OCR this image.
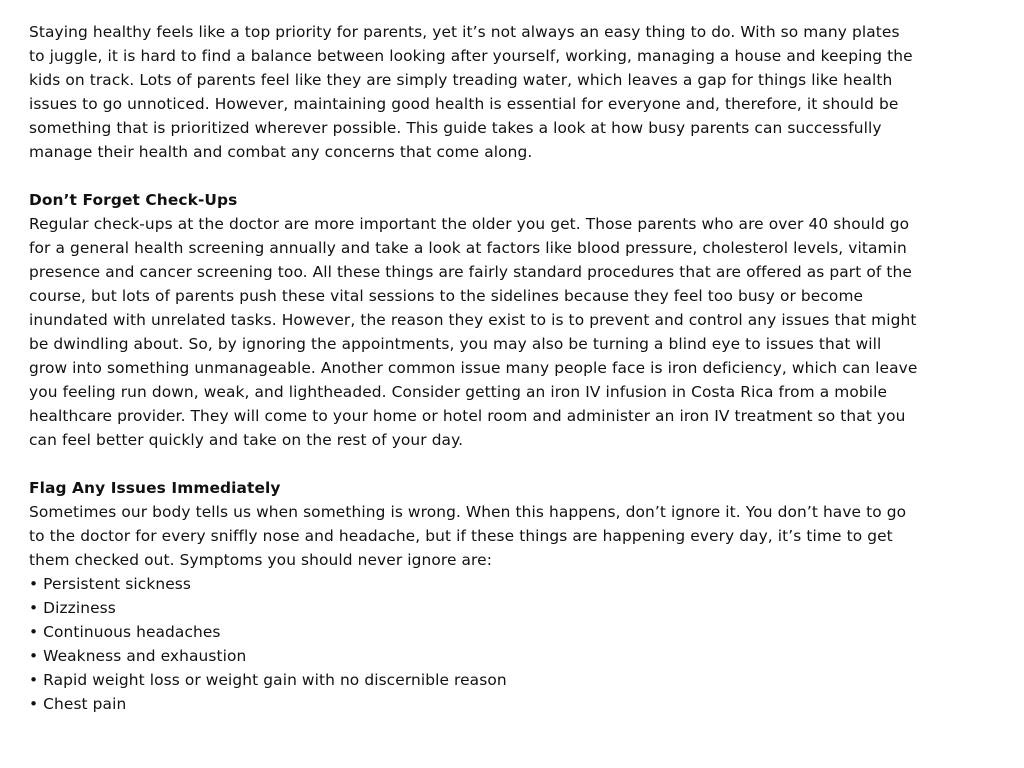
Staying healthy feels like a top priority for parents, yet it’s not always an easy thing to do. With so many plates to juggle, it is hard to find a balance between looking after yourself, working, managing a house and keeping the kids on track. Lots of parents feel like they are simply treading water, which leaves a gap for things like health issues to go unnoticed. However, maintaining good health is essential for everyone and, therefore, it should be something that is prioritized wherever possible. This guide takes a look at how busy parents can successfully manage their health and combat any concerns that come along.

Don’t Forget Check-Ups

Regular check-ups at the doctor are more important the older you get. Those parents who are over 40 should go for a general health screening annually and take a look at factors like blood pressure, cholesterol levels, vitamin presence and cancer screening too. All these things are fairly standard procedures that are offered as part of the course, but lots of parents push these vital sessions to the sidelines because they feel too busy or become inundated with unrelated tasks. However, the reason they exist to is to prevent and control any issues that might be dwindling about. So, by ignoring the appointments, you may also be turning a blind eye to issues that will grow into something unmanageable. Another common issue many people face is iron deficiency, which can leave you feeling run down, weak, and lightheaded. Consider getting an iron IV infusion in Costa Rica from a mobile healthcare provider. They will come to your home or hotel room and administer an iron IV treatment so that you can feel better quickly and take on the rest of your day.

Flag Any Issues Immediately

Sometimes our body tells us when something is wrong. When this happens, don’t ignore it. You don’t have to go to the doctor for every sniffly nose and headache, but if these things are happening every day, it’s time to get them checked out. Symptoms you should never ignore are:

• Persistent sickness
• Dizziness
• Continuous headaches
• Weakness and exhaustion
• Rapid weight loss or weight gain with no discernible reason
• Chest pain
